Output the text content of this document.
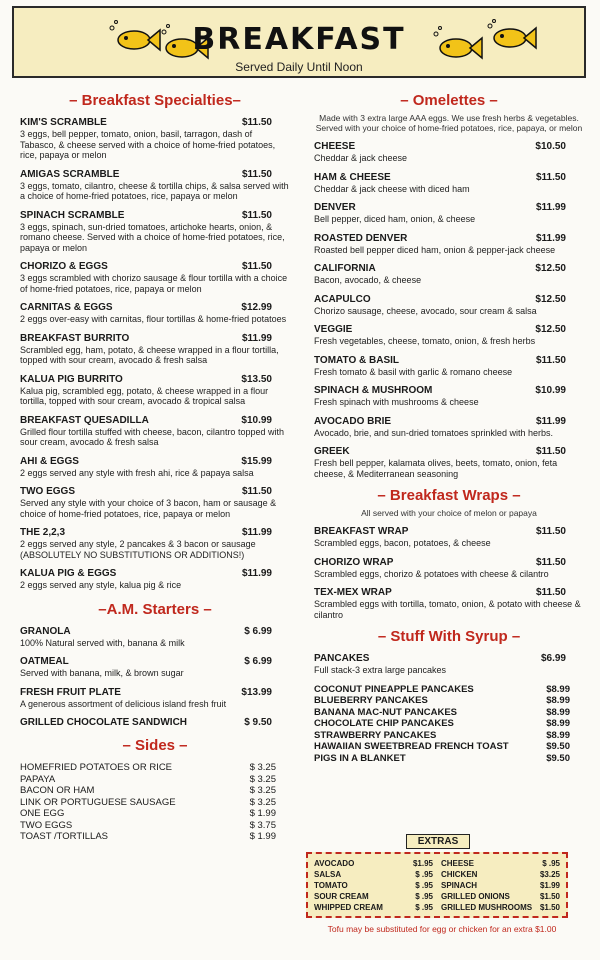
BREAKFAST
Served Daily Until Noon
– Breakfast Specialties–
KIM'S SCRAMBLE	$11.50
3 eggs, bell pepper, tomato, onion, basil, tarragon, dash of Tabasco, & cheese served with a choice of home-fried potatoes, rice, papaya or melon
AMIGAS SCRAMBLE	$11.50
3 eggs, tomato, cilantro, cheese & tortilla chips, & salsa served with a choice of home-fried potatoes, rice, papaya or melon
SPINACH SCRAMBLE	$11.50
3 eggs, spinach, sun-dried tomatoes, artichoke hearts, onion, & romano cheese. Served with a choice of home-fried potatoes, rice, papaya or melon
CHORIZO & EGGS	$11.50
3 eggs scrambled with chorizo sausage & flour tortilla with a choice of home-fried potatoes, rice, papaya or melon
CARNITAS & EGGS	$12.99
2 eggs over-easy with carnitas, flour tortillas & home-fried potatoes
BREAKFAST BURRITO	$11.99
Scrambled egg, ham, potato, & cheese wrapped in a flour tortilla, topped with sour cream, avocado & fresh salsa
KALUA PIG BURRITO	$13.50
Kalua pig, scrambled egg, potato, & cheese wrapped in a flour tortilla, topped with sour cream, avocado & tropical salsa
BREAKFAST QUESADILLA	$10.99
Grilled flour tortilla stuffed with cheese, bacon, cilantro topped with sour cream, avocado & fresh salsa
AHI & EGGS	$15.99
2 eggs served any style with fresh ahi, rice & papaya salsa
TWO EGGS	$11.50
Served any style with your choice of 3 bacon, ham or sausage & choice of home-fried potatoes, rice, papaya or melon
THE 2,2,3	$11.99
2 eggs served any style, 2 pancakes & 3 bacon or sausage (ABSOLUTELY NO SUBSTITUTIONS OR ADDITIONS!)
KALUA PIG & EGGS	$11.99
2 eggs served any style, kalua pig & rice
–A.M. Starters –
GRANOLA	$ 6.99
100% Natural served with, banana & milk
OATMEAL	$ 6.99
Served with banana, milk, & brown sugar
FRESH FRUIT PLATE	$13.99
A generous assortment of delicious island fresh fruit
GRILLED CHOCOLATE SANDWICH	$ 9.50
– Sides –
HOMEFRIED POTATOES OR RICE	$ 3.25
PAPAYA	$ 3.25
BACON OR HAM	$ 3.25
LINK OR PORTUGUESE SAUSAGE	$ 3.25
ONE EGG	$ 1.99
TWO EGGS	$ 3.75
TOAST /TORTILLAS	$ 1.99
– Omelettes –
Made with 3 extra large AAA eggs. We use fresh herbs & vegetables. Served with your choice of home-fried potatoes, rice, papaya, or melon
CHEESE	$10.50
Cheddar & jack cheese
HAM & CHEESE	$11.50
Cheddar & jack cheese with diced ham
DENVER	$11.99
Bell pepper, diced ham, onion, & cheese
ROASTED DENVER	$11.99
Roasted bell pepper diced ham, onion & pepper-jack cheese
CALIFORNIA	$12.50
Bacon, avocado, & cheese
ACAPULCO	$12.50
Chorizo sausage, cheese, avocado, sour cream & salsa
VEGGIE	$12.50
Fresh vegetables, cheese, tomato, onion, & fresh herbs
TOMATO & BASIL	$11.50
Fresh tomato & basil with garlic & romano cheese
SPINACH & MUSHROOM	$10.99
Fresh spinach with mushrooms & cheese
AVOCADO BRIE	$11.99
Avocado, brie, and sun-dried tomatoes sprinkled with herbs.
GREEK	$11.50
Fresh bell pepper, kalamata olives, beets, tomato, onion, feta cheese, & Mediterranean seasoning
– Breakfast Wraps –
All served with your choice of melon or papaya
BREAKFAST WRAP	$11.50
Scrambled eggs, bacon, potatoes, & cheese
CHORIZO WRAP	$11.50
Scrambled eggs, chorizo & potatoes with cheese & cilantro
TEX-MEX WRAP	$11.50
Scrambled eggs with tortilla, tomato, onion, & potato with cheese & cilantro
– Stuff With Syrup –
PANCAKES	$6.99
Full stack-3 extra large pancakes
COCONUT PINEAPPLE PANCAKES	$8.99
BLUEBERRY PANCAKES	$8.99
BANANA MAC-NUT PANCAKES	$8.99
CHOCOLATE CHIP PANCAKES	$8.99
STRAWBERRY PANCAKES	$8.99
HAWAIIAN SWEETBREAD FRENCH TOAST	$9.50
PIGS IN A BLANKET	$9.50
EXTRAS
AVOCADO	$1.95
SALSA	$ .95
TOMATO	$ .95
SOUR CREAM	$ .95
WHIPPED CREAM	$ .95
CHEESE	$ .95
CHICKEN	$3.25
SPINACH	$1.99
GRILLED ONIONS	$1.50
GRILLED MUSHROOMS $1.50
Tofu may be substituted for egg or chicken for an extra $1.00
